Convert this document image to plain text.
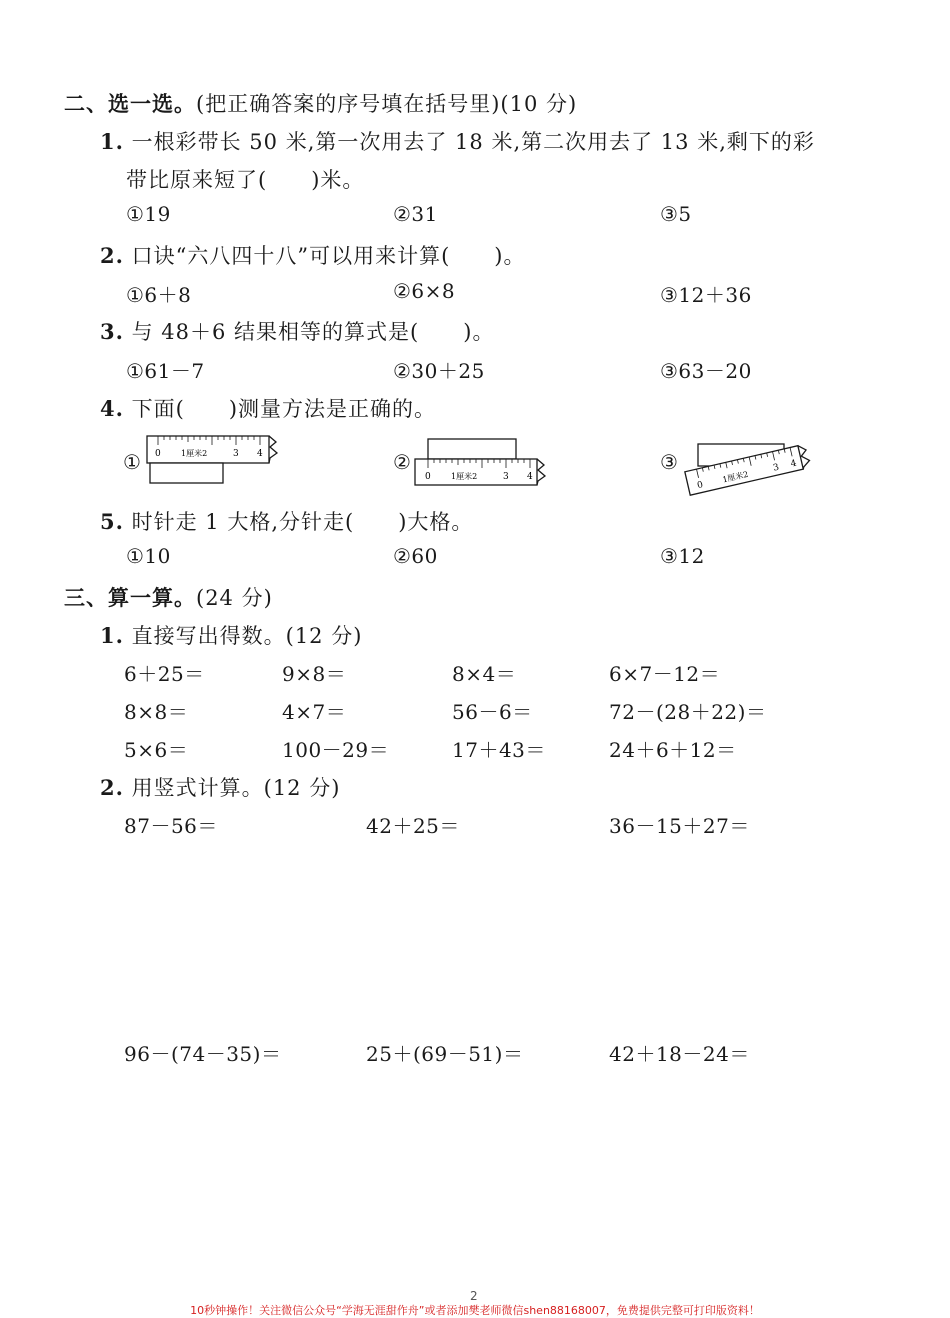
二、选一选。(把正确答案的序号填在括号里)(10 分)
1. 一根彩带长 50 米,第一次用去了 18 米,第二次用去了 13 米,剩下的彩
带比原来短了(　　)米。
①19	②31	③5
2. 口诀“六八四十八”可以用来计算(　　)。
①6＋8	②6×8	③12＋36
3. 与 48＋6 结果相等的算式是(　　)。
①61－7	②30＋25	③63－20
4. 下面(　　)测量方法是正确的。
① 0	1厘米2	3 4	②
0	1厘米2	3 4
③
0
1厘米2
3 4
5. 时针走 1 大格,分针走(　　)大格。
①10	②60	③12
三、算一算。(24 分)
1. 直接写出得数。(12 分)
6＋25＝	9×8＝	8×4＝	6×7－12＝
8×8＝	4×7＝	56－6＝	72－(28＋22)＝
5×6＝	100－29＝	17＋43＝	24＋6＋12＝
2. 用竖式计算。(12 分)
87－56＝	42＋25＝	36－15＋27＝
96－(74－35)＝	25＋(69－51)＝	42＋18－24＝
2
10秒钟操作！关注微信公众号“学海无涯甜作舟”或者添加樊老师微信shen88168007，免费提供完整可打印版资料！
